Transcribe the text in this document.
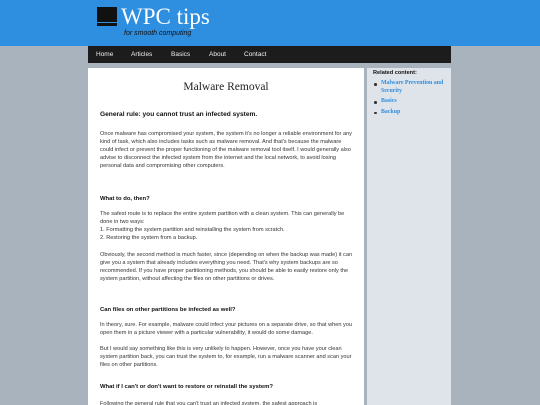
WPC tips
for smooth computing
Home	Articles	Basics	About	Contact
Malware Removal
General rule: you cannot trust an infected system.
Once malware has compromised your system, the system it's no longer a reliable environment for any kind of task, which also includes tasks such as malware removal. And that's because the malware could infect or prevent the proper functioning of the malware removal tool itself. I would generally also advise to disconnect the infected system from the internet and the local network, to avoid losing personal data and compromising other computers.
What to do, then?
The safest route is to replace the entire system partition with a clean system. This can generally be done in two ways:
1. Formatting the system partition and reinstalling the system from scratch.
2. Restoring the system from a backup.
Obviously, the second method is much faster, since (depending on when the backup was made) it can give you a system that already includes everything you need. That's why system backups are so recommended. If you have proper partitioning methods, you should be able to easily restore only the system partition, without affecting the files on other partitions or drives.
Can files on other partitions be infected as well?
In theory, sure. For example, malware could infect your pictures on a separate drive, so that when you open them in a picture viewer with a particular vulnerability, it would do some damage.
But I would say something like this is very unlikely to happen. However, once you have your clean system partition back, you can trust the system to, for example, run a malware scanner and scan your files on other partitions.
What if I can't or don't want to restore or reinstall the system?
Following the general rule that you can't trust an infected system, the safest approach is
Related content:
Malware Prevention and Security
Basics
Backup
